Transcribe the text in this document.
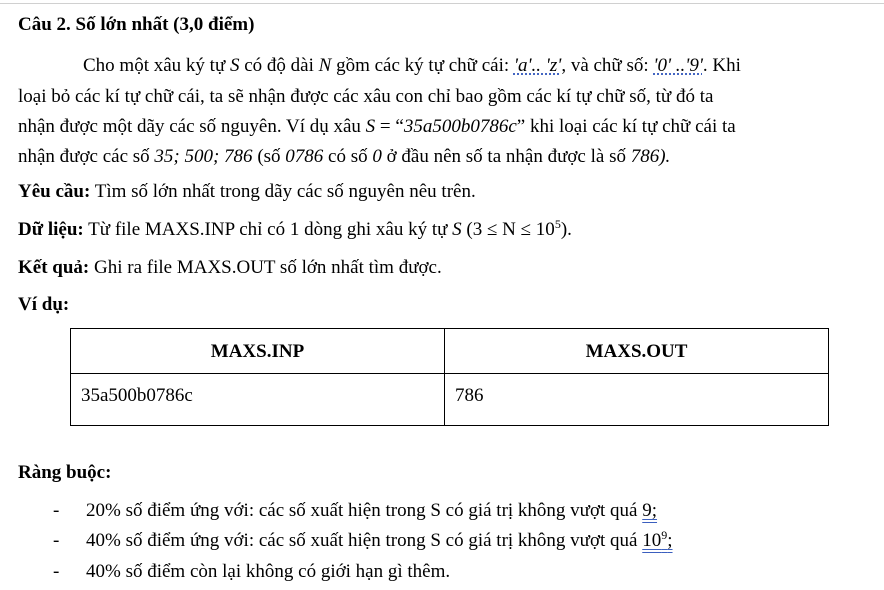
Câu 2. Số lớn nhất (3,0 điểm)
Cho một xâu ký tự S có độ dài N gồm các ký tự chữ cái: 'a'.. 'z', và chữ số: '0' ..'9'. Khi
loại bỏ các kí tự chữ cái, ta sẽ nhận được các xâu con chỉ bao gồm các kí tự chữ số, từ đó ta
nhận được một dãy các số nguyên. Ví dụ xâu S = “35a500b0786c” khi loại các kí tự chữ cái ta
nhận được các số 35; 500; 786 (số 0786 có số 0 ở đầu nên số ta nhận được là số 786).
Yêu cầu: Tìm số lớn nhất trong dãy các số nguyên nêu trên.
Dữ liệu: Từ file MAXS.INP chỉ có 1 dòng ghi xâu ký tự S $(3 \le N \le 10^5)$.
Kết quả: Ghi ra file MAXS.OUT số lớn nhất tìm được.
Ví dụ:
MAXS.INP	MAXS.OUT
35a500b0786c	786
Ràng buộc:
- 20% số điểm ứng với: các số xuất hiện trong S có giá trị không vượt quá 9;
- 40% số điểm ứng với: các số xuất hiện trong S có giá trị không vượt quá $10^9$;
- 40% số điểm còn lại không có giới hạn gì thêm.
